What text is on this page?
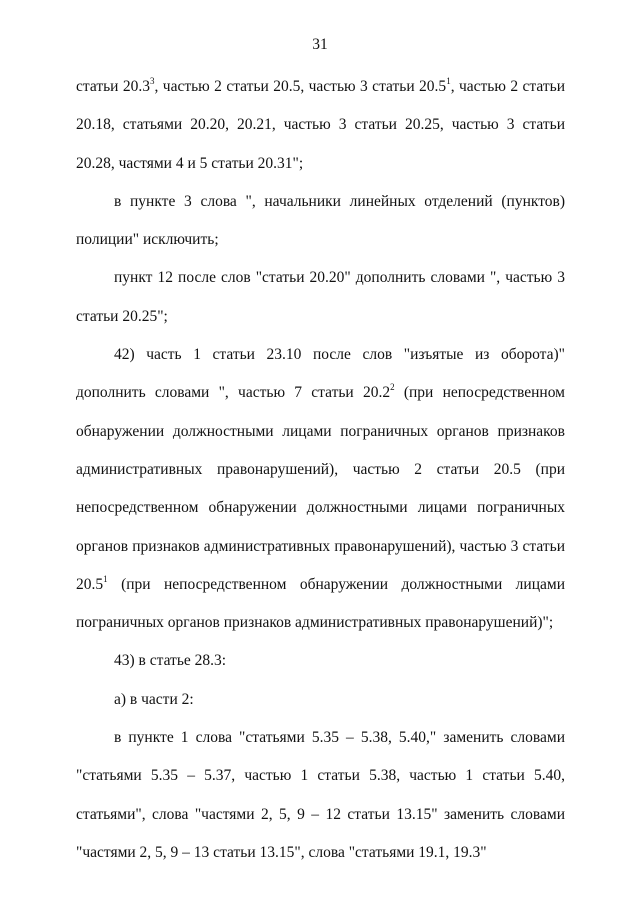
31

статьи 20.3$^3$, частью 2 статьи 20.5, частью 3 статьи 20.5$^1$, частью 2 статьи 20.18, статьями 20.20, 20.21, частью 3 статьи 20.25, частью 3 статьи 20.28, частями 4 и 5 статьи 20.31";

в пункте 3 слова ", начальники линейных отделений (пунктов) полиции" исключить;

пункт 12 после слов "статьи 20.20" дополнить словами ", частью 3 статьи 20.25";

42) часть 1 статьи 23.10 после слов "изъятые из оборота)" дополнить словами ", частью 7 статьи 20.2$^2$ (при непосредственном обнаружении должностными лицами пограничных органов признаков административных правонарушений), частью 2 статьи 20.5 (при непосредственном обнаружении должностными лицами пограничных органов признаков административных правонарушений), частью 3 статьи 20.5$^1$ (при непосредственном обнаружении должностными лицами пограничных органов признаков административных правонарушений)";

43) в статье 28.3:

а) в части 2:

в пункте 1 слова "статьями 5.35 – 5.38, 5.40," заменить словами "статьями 5.35 – 5.37, частью 1 статьи 5.38, частью 1 статьи 5.40, статьями", слова "частями 2, 5, 9 – 12 статьи 13.15" заменить словами "частями 2, 5, 9 – 13 статьи 13.15", слова "статьями 19.1, 19.3"
